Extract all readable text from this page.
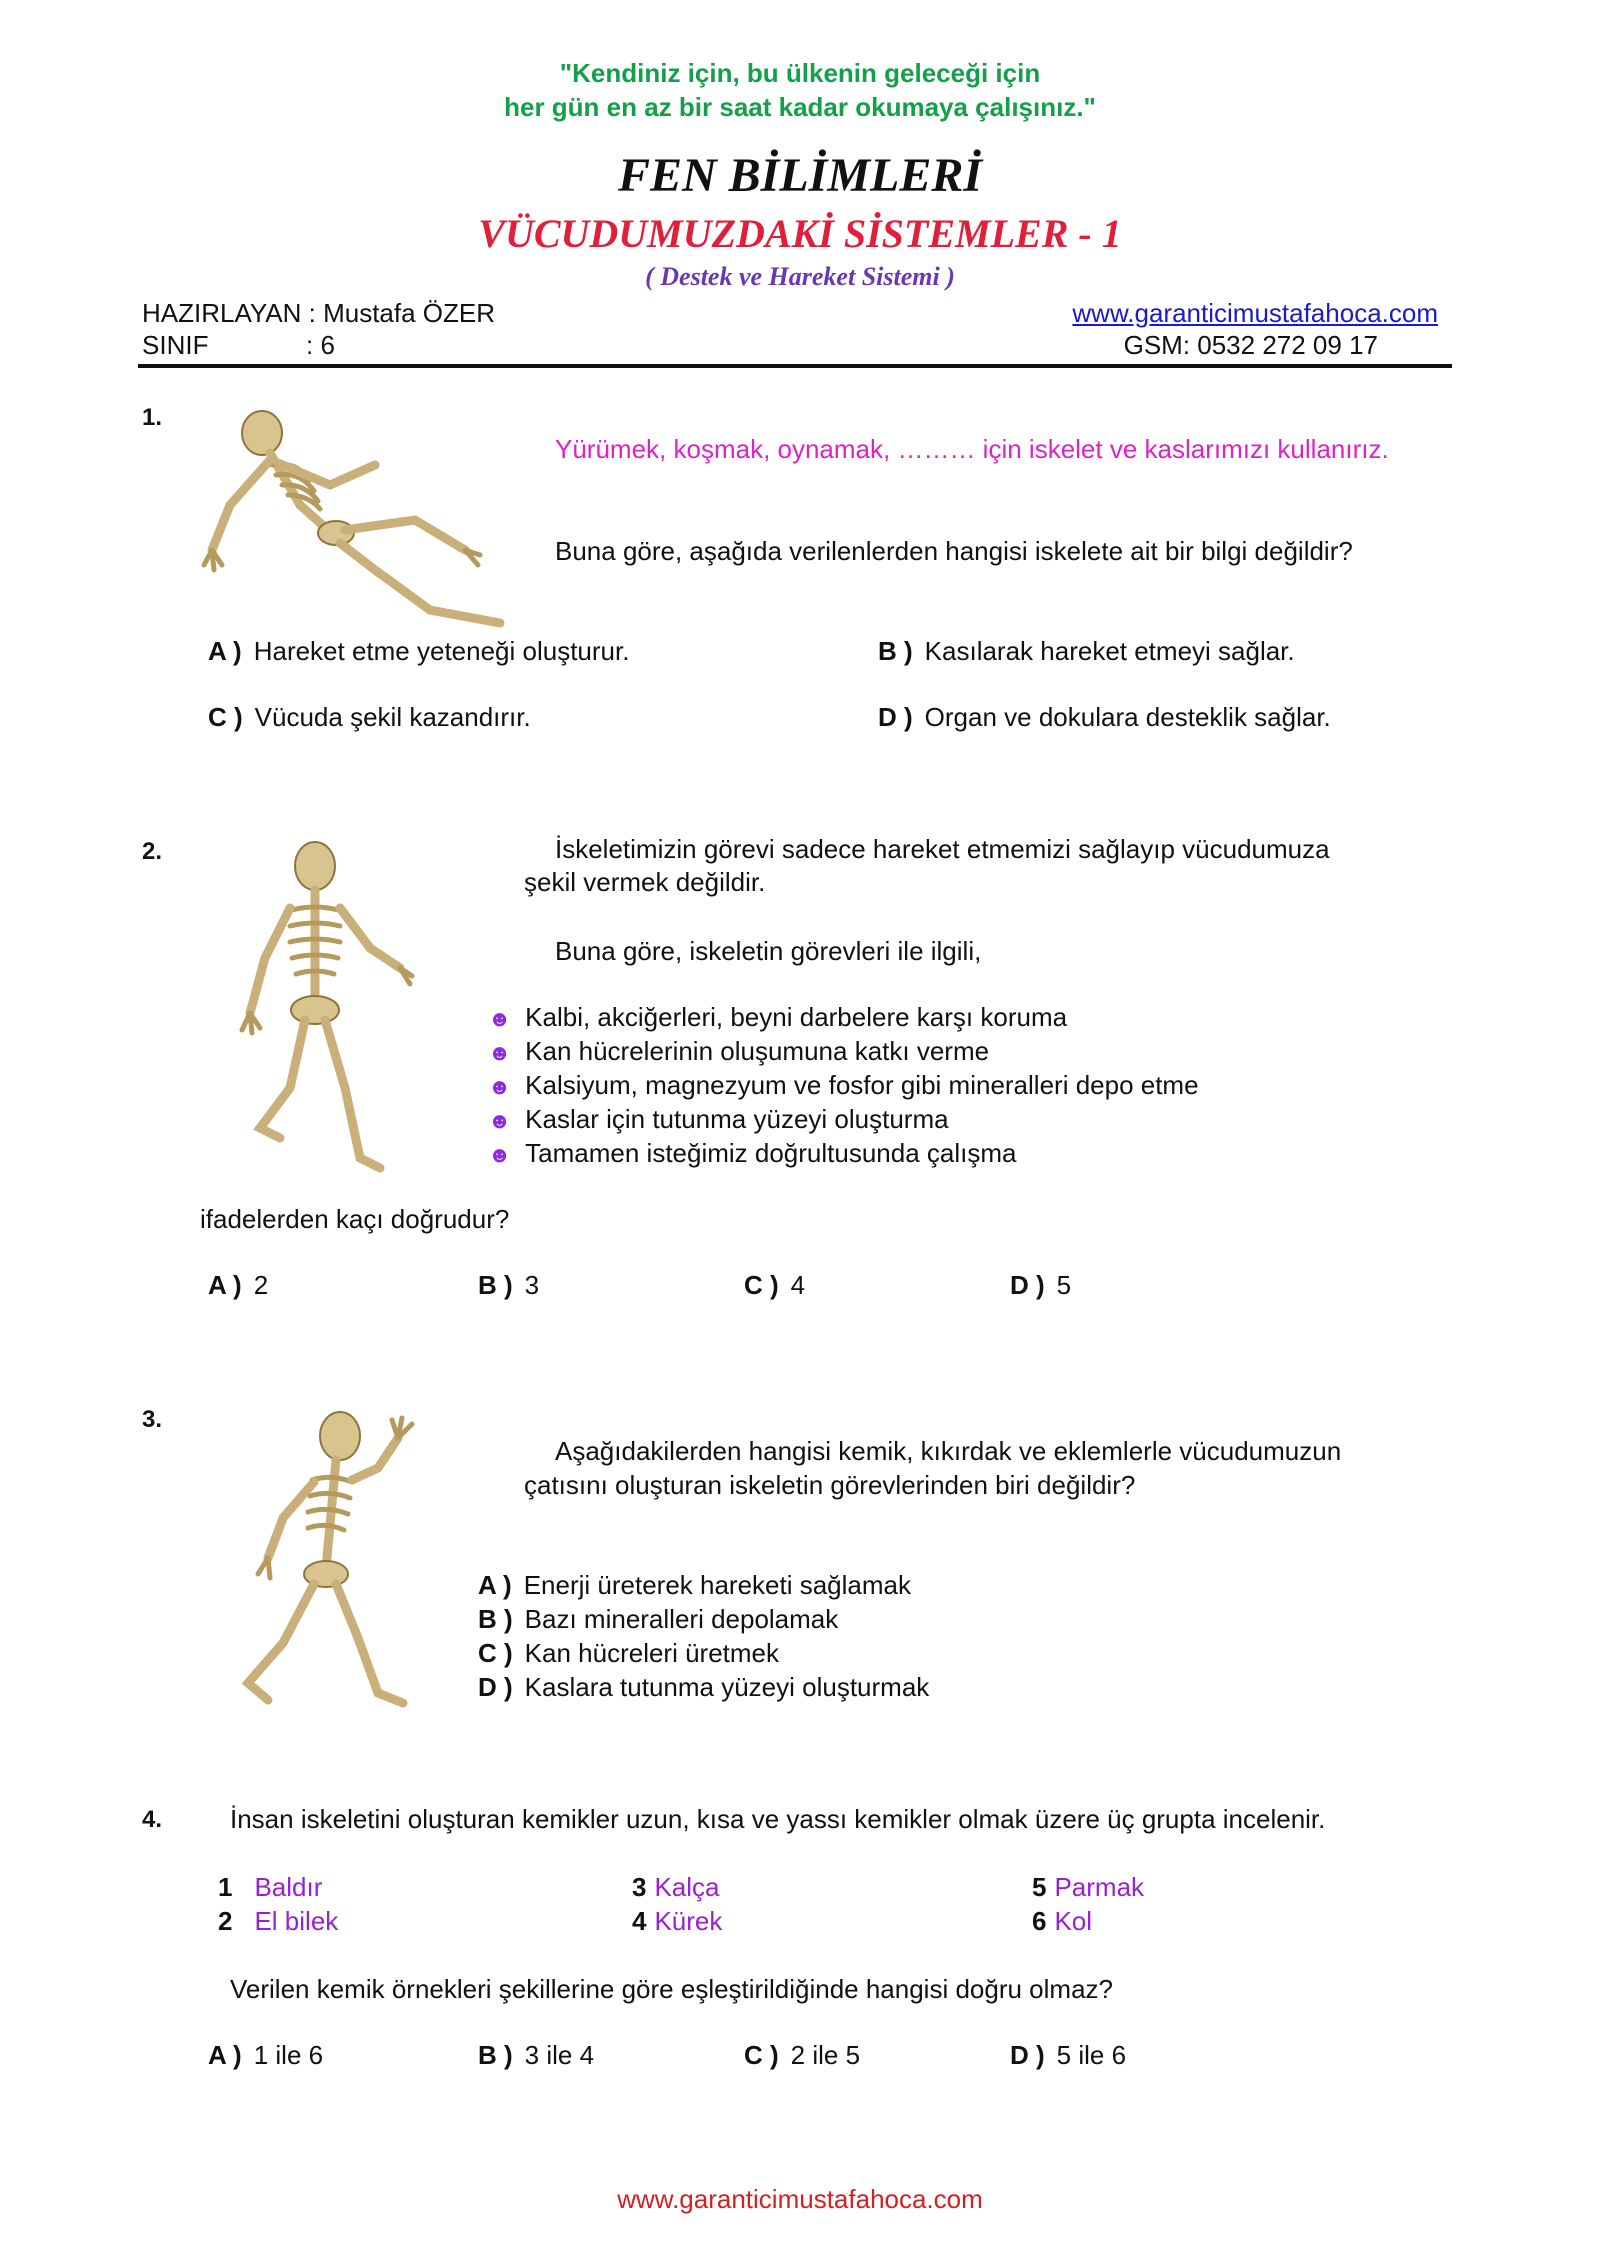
"Kendiniz için, bu ülkenin geleceği için
her gün en az bir saat kadar okumaya çalışınız."
FEN BİLİMLERİ
VÜCUDUMUZDAKİ SİSTEMLER - 1
( Destek ve Hareket Sistemi )
HAZIRLAYAN : Mustafa ÖZER
SINIF	: 6
www.garanticimustafahoca.com
GSM: 0532 272 09 17
1.
Yürümek, koşmak, oynamak, ……… için iskelet ve kaslarımızı kullanırız.
Buna göre, aşağıda verilenlerden hangisi iskelete ait bir bilgi değildir?
A ) Hareket etme yeteneği oluşturur.	B ) Kasılarak hareket etmeyi sağlar.
C ) Vücuda şekil kazandırır.	D ) Organ ve dokulara desteklik sağlar.
2.	İskeletimizin görevi sadece hareket etmemizi sağlayıp vücudumuza
şekil vermek değildir.
Buna göre, iskeletin görevleri ile ilgili,
☻ Kalbi, akciğerleri, beyni darbelere karşı koruma
☻ Kan hücrelerinin oluşumuna katkı verme
☻ Kalsiyum, magnezyum ve fosfor gibi mineralleri depo etme
☻ Kaslar için tutunma yüzeyi oluşturma
☻ Tamamen isteğimiz doğrultusunda çalışma
ifadelerden kaçı doğrudur?
A ) 2	B ) 3	C ) 4	D ) 5
3.
Aşağıdakilerden hangisi kemik, kıkırdak ve eklemlerle vücudumuzun
çatısını oluşturan iskeletin görevlerinden biri değildir?
A ) Enerji üreterek hareketi sağlamak
B ) Bazı mineralleri depolamak
C ) Kan hücreleri üretmek
D ) Kaslara tutunma yüzeyi oluşturmak
4.	İnsan iskeletini oluşturan kemikler uzun, kısa ve yassı kemikler olmak üzere üç grupta incelenir.
1 Baldır
2 El bilek
3 Kalça
4 Kürek
5 Parmak
6 Kol
Verilen kemik örnekleri şekillerine göre eşleştirildiğinde hangisi doğru olmaz?
A ) 1 ile 6	B ) 3 ile 4	C ) 2 ile 5	D ) 5 ile 6
www.garanticimustafahoca.com
